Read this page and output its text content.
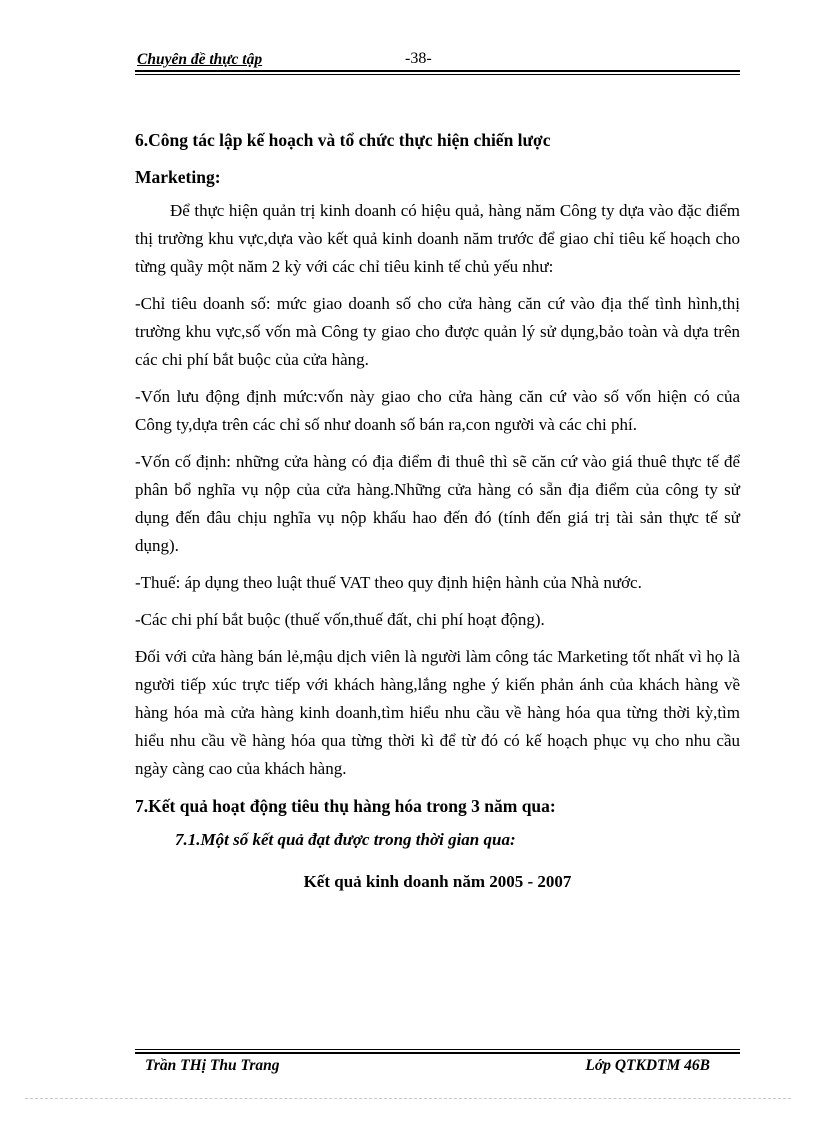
Chuyên đề thực tập	-38-

6.Công tác lập kế hoạch và tổ chức thực hiện chiến lược

Marketing:

Để thực hiện quản trị kinh doanh có hiệu quả, hàng năm Công ty dựa vào đặc điểm thị trường khu vực,dựa vào kết quả kinh doanh năm trước để giao chỉ tiêu kế hoạch cho từng quầy một năm 2 kỳ với các chỉ tiêu kinh tế chủ yếu như:

-Chỉ tiêu doanh số: mức giao doanh số cho cửa hàng căn cứ vào địa thế tình hình,thị trường khu vực,số vốn mà Công ty giao cho được quản lý sử dụng,bảo toàn và dựa trên các chi phí bắt buộc của cửa hàng.

-Vốn lưu động định mức:vốn này giao cho cửa hàng căn cứ vào số vốn hiện có của Công ty,dựa trên các chỉ số như doanh số bán ra,con người và các chi phí.

-Vốn cố định: những cửa hàng có địa điểm đi thuê thì sẽ căn cứ vào giá thuê thực tế để phân bổ nghĩa vụ nộp của cửa hàng.Những cửa hàng có sẵn địa điểm của công ty sử dụng đến đâu chịu nghĩa vụ nộp khấu hao đến đó (tính đến giá trị tài sản thực tế sử dụng).

-Thuế: áp dụng theo luật thuế VAT theo quy định hiện hành của Nhà nước.

-Các chi phí bắt buộc (thuế vốn,thuế đất, chi phí hoạt động).

Đối với cửa hàng bán lẻ,mậu dịch viên là người làm công tác Marketing tốt nhất vì họ là người tiếp xúc trực tiếp với khách hàng,lắng nghe ý kiến phản ánh của khách hàng về hàng hóa mà cửa hàng kinh doanh,tìm hiểu nhu cầu về hàng hóa qua từng thời kỳ,tìm hiểu nhu cầu về hàng hóa qua từng thời kì để từ đó có kế hoạch phục vụ cho nhu cầu ngày càng cao của khách hàng.

7.Kết quả hoạt động tiêu thụ hàng hóa trong 3 năm qua:

7.1.Một số kết quả đạt được trong thời gian qua:

Kết quả kinh doanh năm 2005 - 2007

Trần THị Thu Trang	Lớp QTKDTM 46B
